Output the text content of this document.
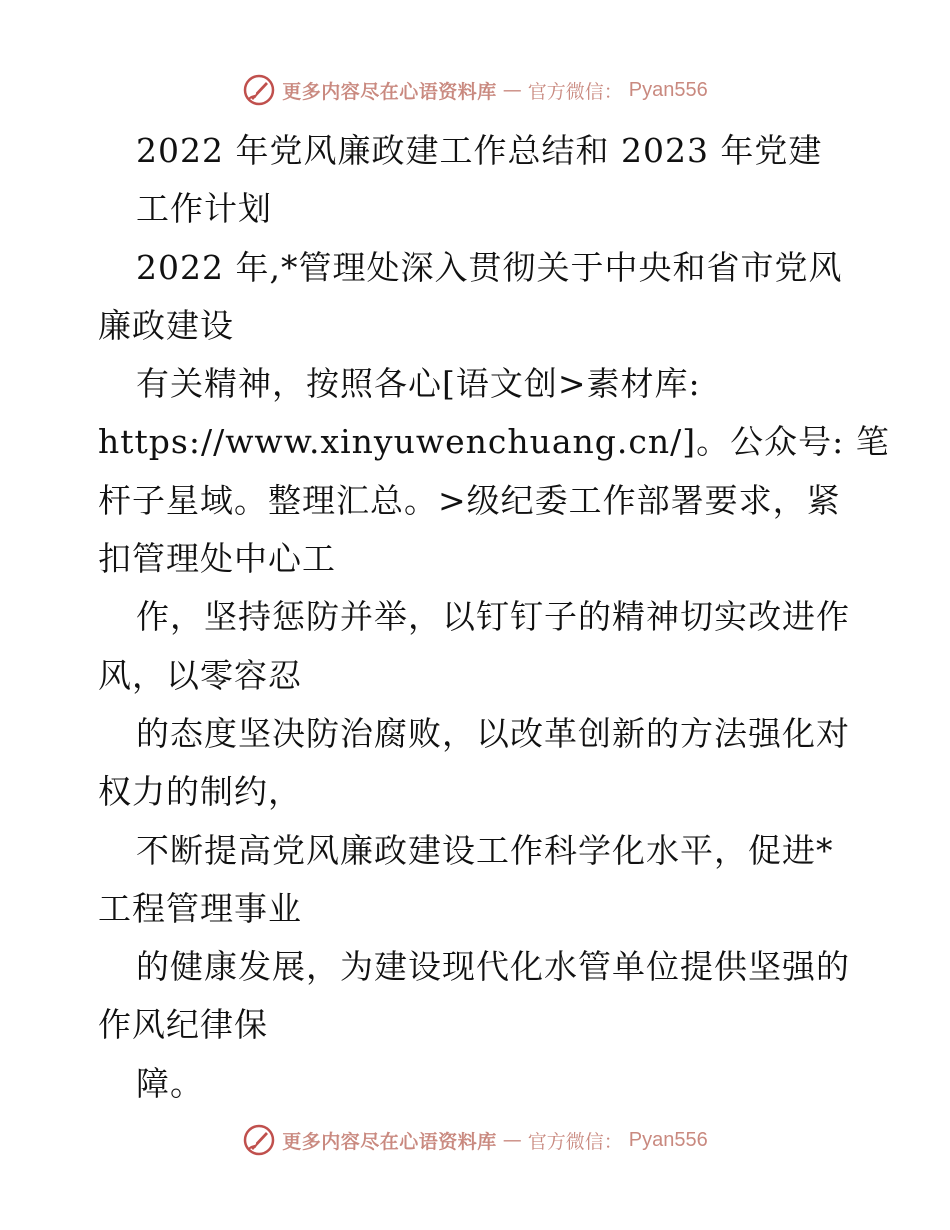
更多内容尽在心语资料库 — 官方微信： Pyan556
2022 年党风廉政建工作总结和 2023 年党建
工作计划
2022 年,*管理处深入贯彻关于中央和省市党风
廉政建设
有关精神，按照各心[语文创>素材库:
https://www.xinyuwenchuang.cn/]。公众号: 笔
杆子星域。整理汇总。>级纪委工作部署要求，紧
扣管理处中心工
作，坚持惩防并举，以钉钉子的精神切实改进作
风，以零容忍
的态度坚决防治腐败，以改革创新的方法强化对
权力的制约，
不断提高党风廉政建设工作科学化水平，促进*
工程管理事业
的健康发展，为建设现代化水管单位提供坚强的
作风纪律保
障。
更多内容尽在心语资料库 — 官方微信： Pyan556
